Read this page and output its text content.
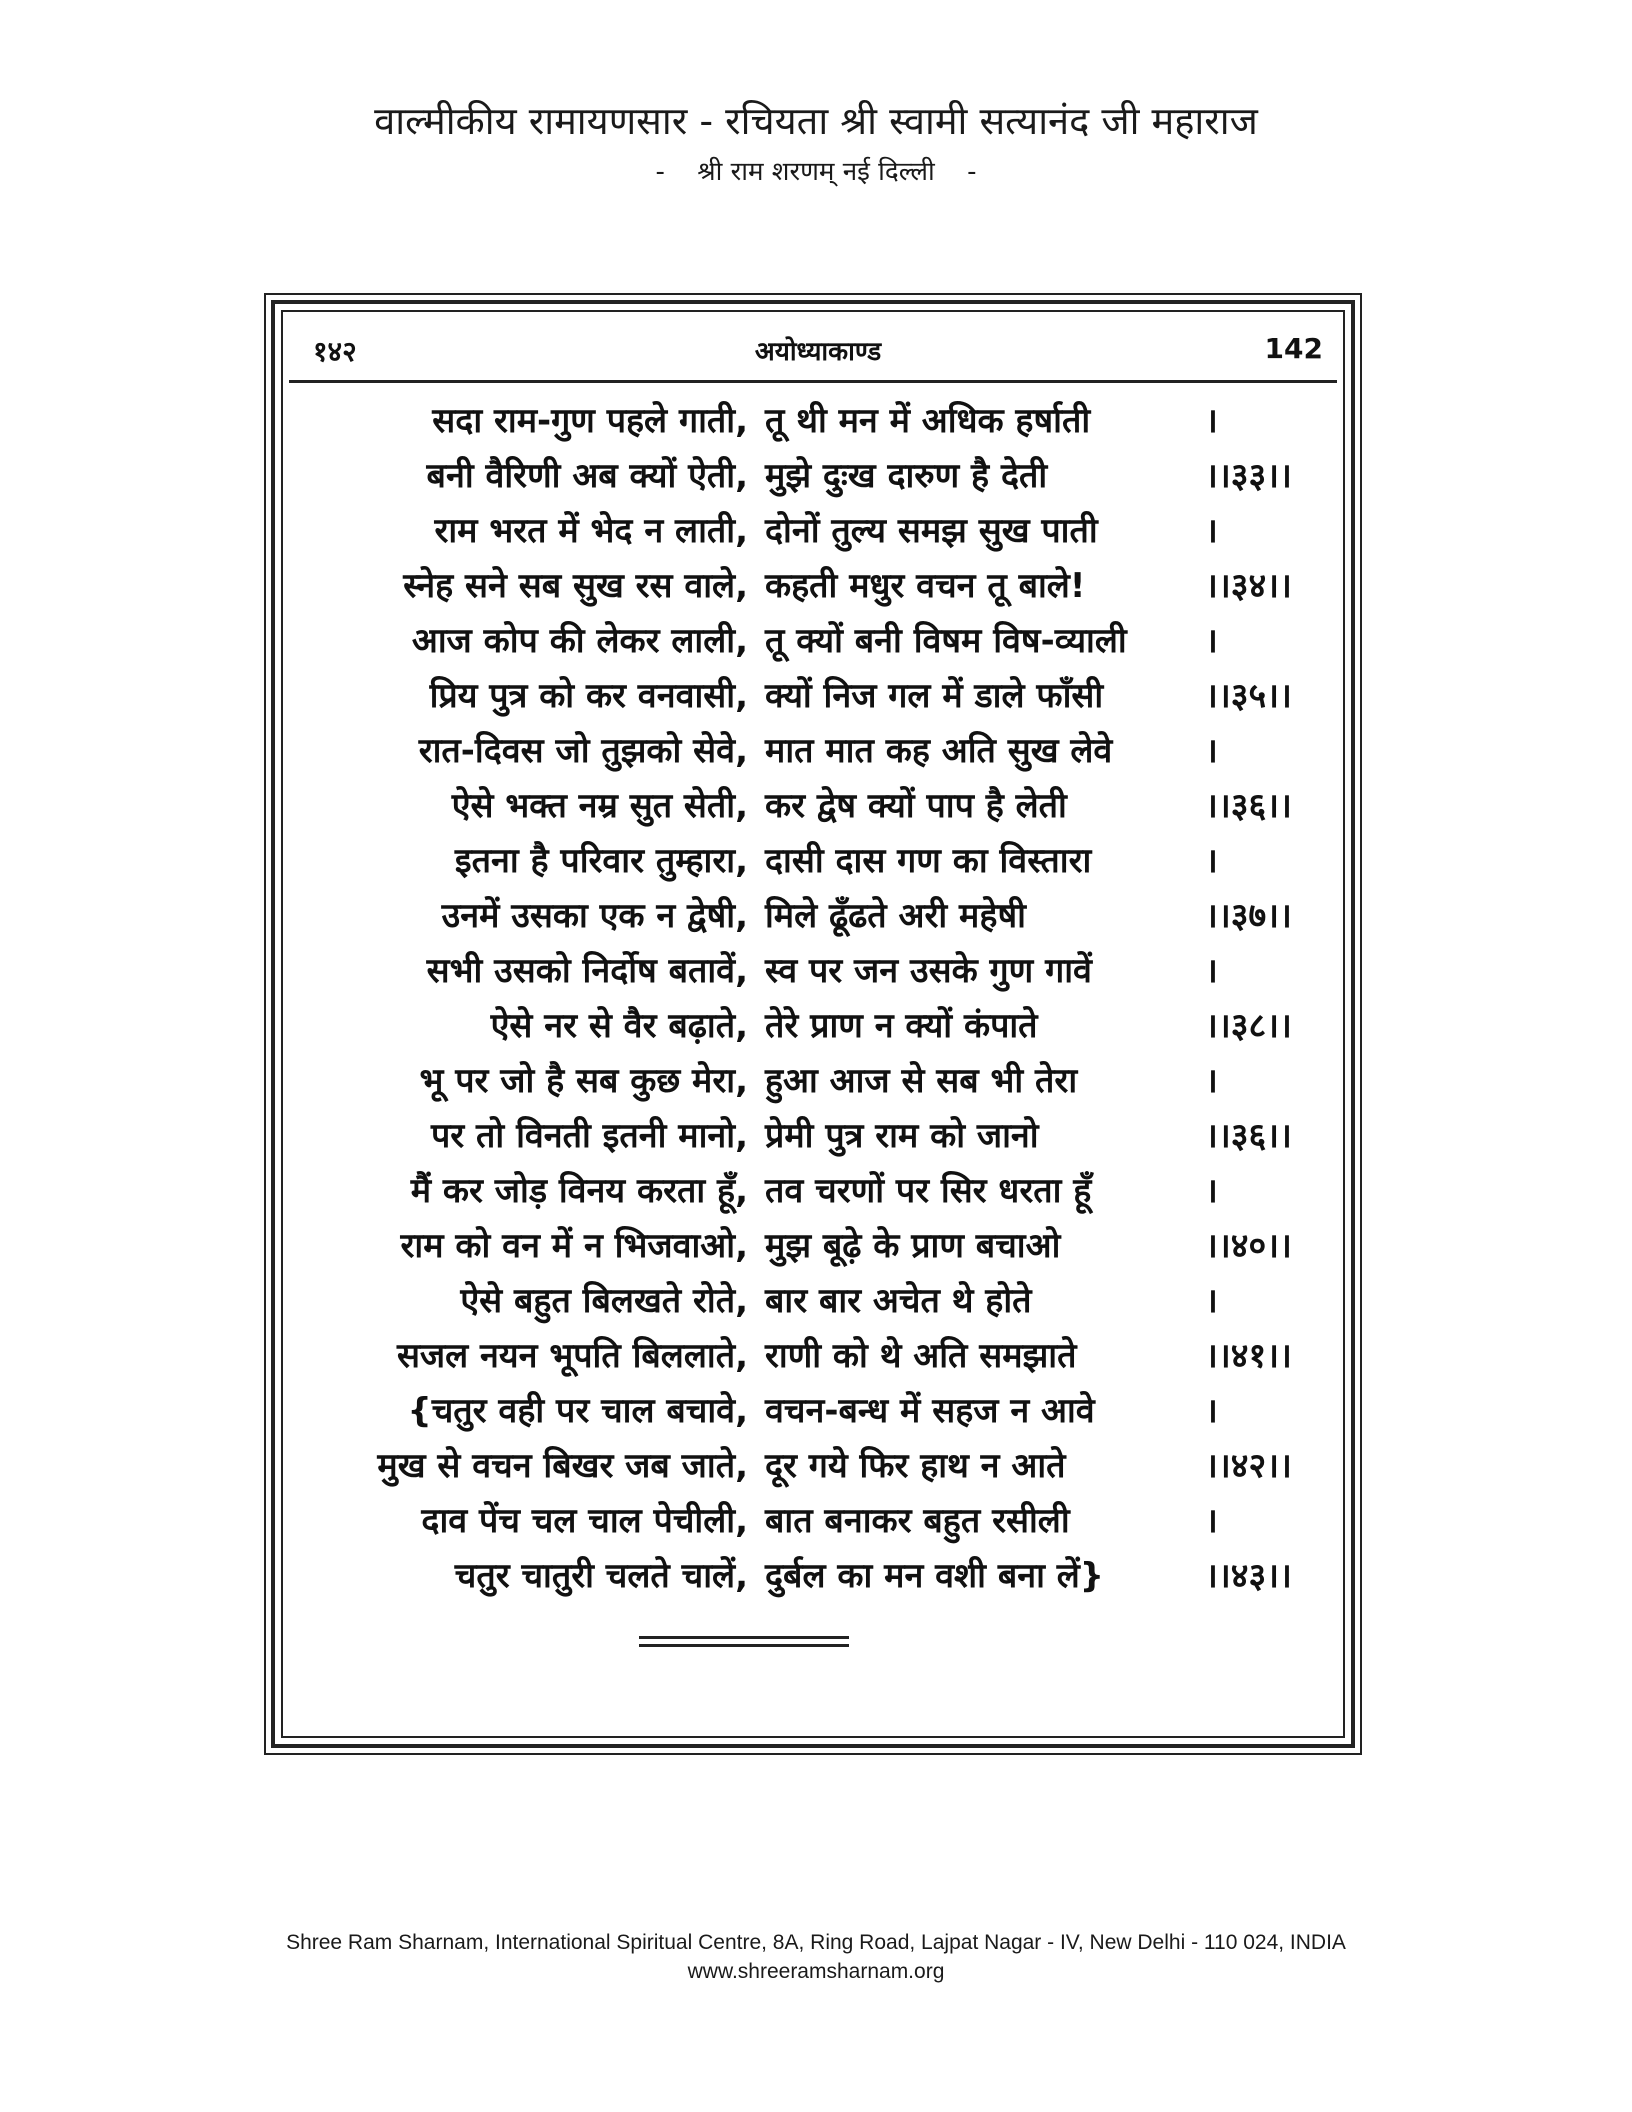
वाल्मीकीय रामायणसार - रचियता श्री स्वामी सत्यानंद जी महाराज
- श्री राम शरणम् नई दिल्ली -
१४२	अयोध्याकाण्ड	142
सदा राम-गुण पहले गाती, तू थी मन में अधिक हर्षाती	।
बनी वैरिणी अब क्यों ऐती, मुझे दुःख दारुण है देती	।।३३।।
राम भरत में भेद न लाती, दोनों तुल्य समझ सुख पाती	।
स्नेह सने सब सुख रस वाले, कहती मधुर वचन तू बाले!	।।३४।।
आज कोप की लेकर लाली, तू क्यों बनी विषम विष-व्याली	।
प्रिय पुत्र को कर वनवासी, क्यों निज गल में डाले फाँसी	।।३५।।
रात-दिवस जो तुझको सेवे, मात मात कह अति सुख लेवे	।
ऐसे भक्त नम्र सुत सेती, कर द्वेष क्यों पाप है लेती	।।३६।।
इतना है परिवार तुम्हारा, दासी दास गण का विस्तारा	।
उनमें उसका एक न द्वेषी, मिले ढूँढते अरी महेषी	।।३७।।
सभी उसको निर्दोष बतावें, स्व पर जन उसके गुण गावें	।
ऐसे नर से वैर बढ़ाते, तेरे प्राण न क्यों कंपाते	।।३८।।
भू पर जो है सब कुछ मेरा, हुआ आज से सब भी तेरा	।
पर तो विनती इतनी मानो, प्रेमी पुत्र राम को जानो	।।३६।।
मैं कर जोड़ विनय करता हूँ, तव चरणों पर सिर धरता हूँ	।
राम को वन में न भिजवाओ, मुझ बूढ़े के प्राण बचाओ	।।४०।।
ऐसे बहुत बिलखते रोते, बार बार अचेत थे होते	।
सजल नयन भूपति बिललाते, राणी को थे अति समझाते	।।४१।।
{चतुर वही पर चाल बचावे, वचन-बन्ध में सहज न आवे	।
मुख से वचन बिखर जब जाते, दूर गये फिर हाथ न आते	।।४२।।
दाव पेंच चल चाल पेचीली, बात बनाकर बहुत रसीली	।
चतुर चातुरी चलते चालें, दुर्बल का मन वशी बना लें}	।।४३।।
Shree Ram Sharnam, International Spiritual Centre, 8A, Ring Road, Lajpat Nagar - IV, New Delhi - 110 024, INDIA
www.shreeramsharnam.org
